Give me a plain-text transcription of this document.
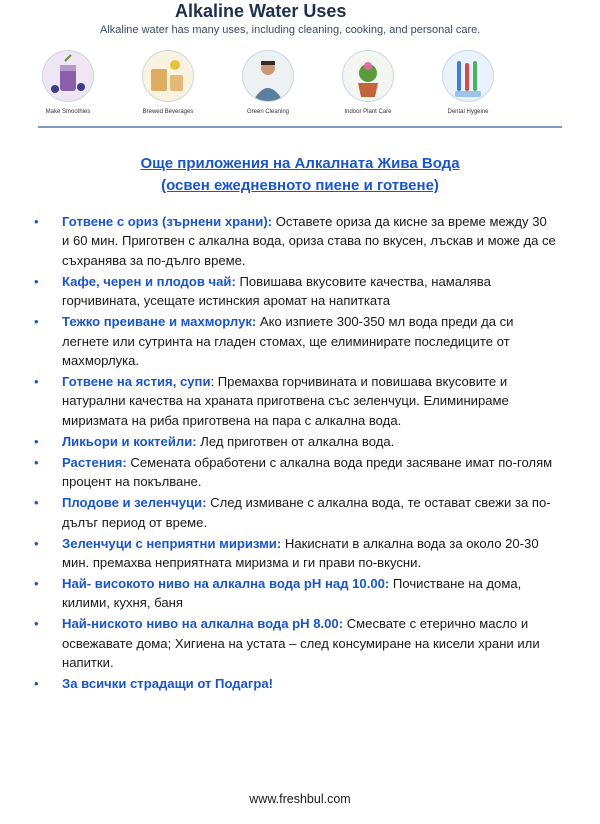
Alkaline Water Uses
Alkaline water has many uses, including cleaning, cooking, and personal care.
Make Smoothies	Brewed Beverages	Green Cleaning	Indoor Plant Care	Dental Hygeine
Още приложения на Алкалната Жива Вода
(освен ежедневното пиене и готвене)
• Готвене с ориз (зърнени храни): Оставете ориза да кисне за време между 30 и 60 мин. Приготвен с алкална вода, ориза става по вкусен, лъскав и може да се съхранява за по-дълго време.
• Кафе, черен и плодов чай: Повишава вкусовите качества, намалява горчивината, усещате истинския аромат на напитката
• Тежко преиване и махморлук: Ако изпиете 300-350 мл вода преди да си легнете или сутринта на гладен стомах, ще елиминирате последиците от махморлука.
• Готвене на ястия, супи: Премахва горчивината и повишава вкусовите и натурални качества на храната приготвена със зеленчуци. Елиминираме миризмата на риба приготвена на пара с алкална вода.
• Ликьори и коктейли: Лед приготвен от алкална вода.
• Растения: Семената обработени с алкална вода преди засяване имат по-голям процент на покълване.
• Плодове и зеленчуци: След измиване с алкална вода, те остават свежи за по-дълъг период от време.
• Зеленчуци с неприятни миризми: Накиснати в алкална вода за около 20-30 мин. премахва неприятната миризма и ги прави по-вкусни.
• Най- високото ниво на алкална вода pH над 10.00: Почистване на дома, килими, кухня, баня
• Най-ниското ниво на алкална вода pH 8.00: Смесвате с етерично масло и освежавате дома; Хигиена на устата – след консумиране на кисели храни или напитки.
• За всички страдащи от Подагра!
www.freshbul.com
